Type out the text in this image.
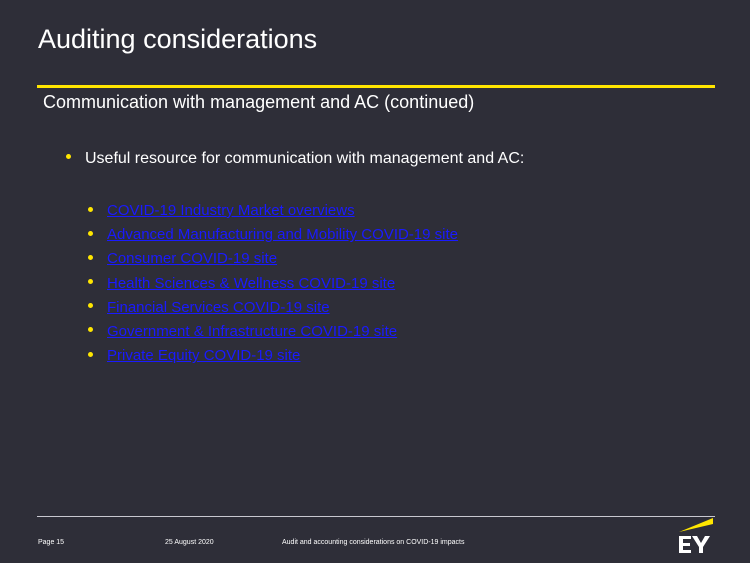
Auditing considerations
Communication with management and AC (continued)
Useful resource for communication with management and AC:
COVID-19 Industry Market overviews
Advanced Manufacturing and Mobility COVID-19 site
Consumer COVID-19 site
Health Sciences & Wellness COVID-19 site
Financial Services COVID-19 site
Government & Infrastructure COVID-19 site
Private Equity COVID-19 site
Page 15	25 August 2020	Audit and accounting considerations on COVID-19 impacts
